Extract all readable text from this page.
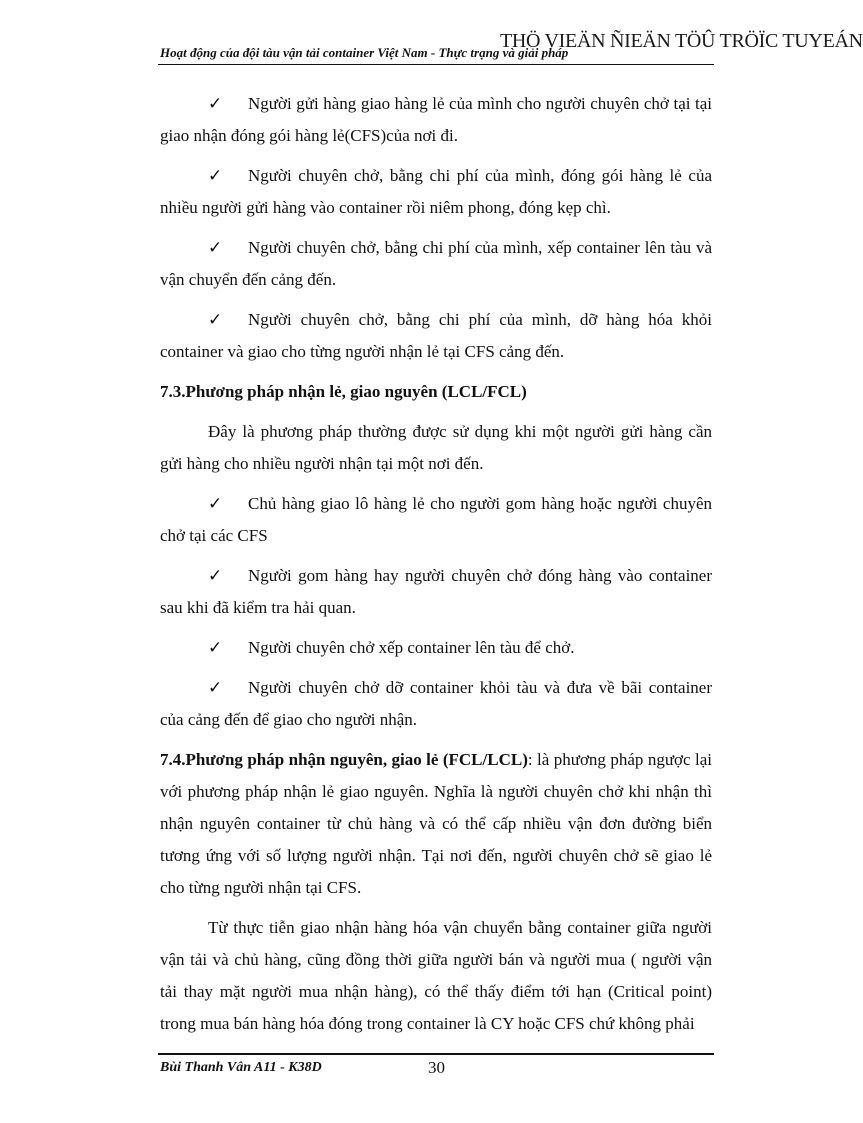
Hoạt động của đội tàu vận tải container Việt Nam - Thực trạng và giải pháp
THÖ VIEÄN ÑIEÄN TÖÛ TRÖÏC TUYEÁN

✓ Người gửi hàng giao hàng lẻ của mình cho người chuyên chở tại tại giao nhận đóng gói hàng lẻ(CFS)của nơi đi.

✓ Người chuyên chở, bằng chi phí của mình, đóng gói hàng lẻ của nhiều người gửi hàng vào container rồi niêm phong, đóng kẹp chì.

✓ Người chuyên chở, bằng chi phí của mình, xếp container lên tàu và vận chuyển đến cảng đến.

✓ Người chuyên chở, bằng chi phí của mình, dỡ hàng hóa khỏi container và giao cho từng người nhận lẻ tại CFS cảng đến.

7.3.Phương pháp nhận lẻ, giao nguyên (LCL/FCL)

Đây là phương pháp thường được sử dụng khi một người gửi hàng cần gửi hàng cho nhiều người nhận tại một nơi đến.

✓ Chủ hàng giao lô hàng lẻ cho người gom hàng hoặc người chuyên chở tại các CFS

✓ Người gom hàng hay người chuyên chở đóng hàng vào container sau khi đã kiểm tra hải quan.

✓ Người chuyên chở xếp container lên tàu để chở.

✓ Người chuyên chở dỡ container khỏi tàu và đưa về bãi container của cảng đến để giao cho người nhận.

7.4.Phương pháp nhận nguyên, giao lẻ (FCL/LCL): là phương pháp ngược lại với phương pháp nhận lẻ giao nguyên. Nghĩa là người chuyên chở khi nhận thì nhận nguyên container từ chủ hàng và có thể cấp nhiều vận đơn đường biển tương ứng với số lượng người nhận. Tại nơi đến, người chuyên chở sẽ giao lẻ cho từng người nhận tại CFS.

Từ thực tiễn giao nhận hàng hóa vận chuyển bằng container giữa người vận tải và chủ hàng, cũng đồng thời giữa người bán và người mua ( người vận tải thay mặt người mua nhận hàng), có thể thấy điểm tới hạn (Critical point) trong mua bán hàng hóa đóng trong container là CY hoặc CFS chứ không phải

Bùi Thanh Vân A11 - K38D	30
